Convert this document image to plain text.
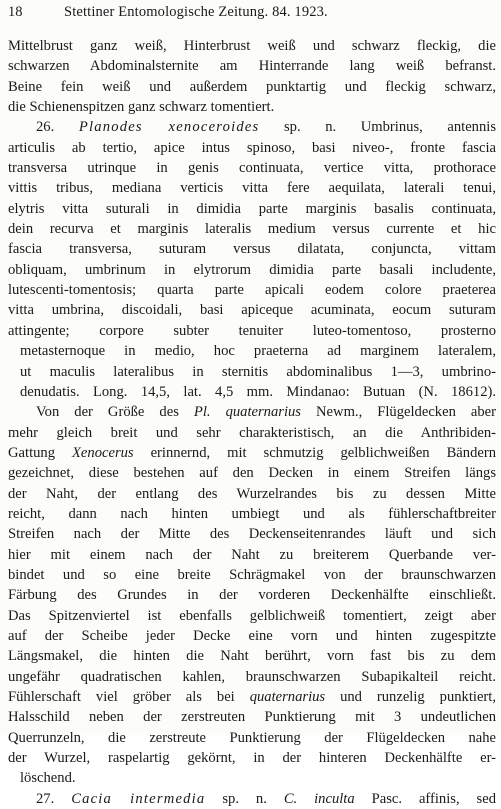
18	Stettiner Entomologische Zeitung. 84. 1923.
Mittelbrust ganz weiß, Hinterbrust weiß und schwarz fleckig, die
schwarzen Abdominalsternite am Hinterrande lang weiß befranst.
Beine fein weiß und außerdem punktartig und fleckig schwarz,
die Schienenspitzen ganz schwarz tomentiert.
26. Planodes xenoceroides sp. n. Umbrinus, antennis
articulis ab tertio, apice intus spinoso, basi niveo-, fronte fascia
transversa utrinque in genis continuata, vertice vitta, prothorace
vittis tribus, mediana verticis vitta fere aequilata, laterali tenui,
elytris vitta suturali in dimidia parte marginis basalis continuata,
dein recurva et marginis lateralis medium versus currente et hic
fascia transversa, suturam versus dilatata, conjuncta, vittam
obliquam, umbrinum in elytrorum dimidia parte basali includente,
lutescenti-tomentosis; quarta parte apicali eodem colore praeterea
vitta umbrina, discoidali, basi apiceque acuminata, eocum suturam
attingente; corpore subter tenuiter luteo-tomentoso, prosterno
metasternoque in medio, hoc praeterna ad marginem lateralem,
ut maculis lateralibus in sternitis abdominalibus 1—3, umbrino-
denudatis. Long. 14,5, lat. 4,5 mm. Mindanao: Butuan (N. 18612).
Von der Größe des Pl. quaternarius Newm., Flügeldecken aber
mehr gleich breit und sehr charakteristisch, an die Anthribiden-
Gattung Xenocerus erinnernd, mit schmutzig gelblichweißen Bändern
gezeichnet, diese bestehen auf den Decken in einem Streifen längs
der Naht, der entlang des Wurzelrandes bis zu dessen Mitte
reicht, dann nach hinten umbiegt und als fühlerschaftbreiter
Streifen nach der Mitte des Deckenseitenrandes läuft und sich
hier mit einem nach der Naht zu breiterem Querbande ver-
bindet und so eine breite Schrägmakel von der braunschwarzen
Färbung des Grundes in der vorderen Deckenhälfte einschließt.
Das Spitzenviertel ist ebenfalls gelblichweiß tomentiert, zeigt aber
auf der Scheibe jeder Decke eine vorn und hinten zugespitzte
Längsmakel, die hinten die Naht berührt, vorn fast bis zu dem
ungefähr quadratischen kahlen, braunschwarzen Subapikalteil reicht.
Fühlerschaft viel gröber als bei quaternarius und runzelig punktiert,
Halsschild neben der zerstreuten Punktierung mit 3 undeutlichen
Querrunzeln, die zerstreute Punktierung der Flügeldecken nahe
der Wurzel, raspelartig gekörnt, in der hinteren Deckenhälfte er-
löschend.
27. Cacia intermedia sp. n. C. inculta Pasc. affinis, sed
